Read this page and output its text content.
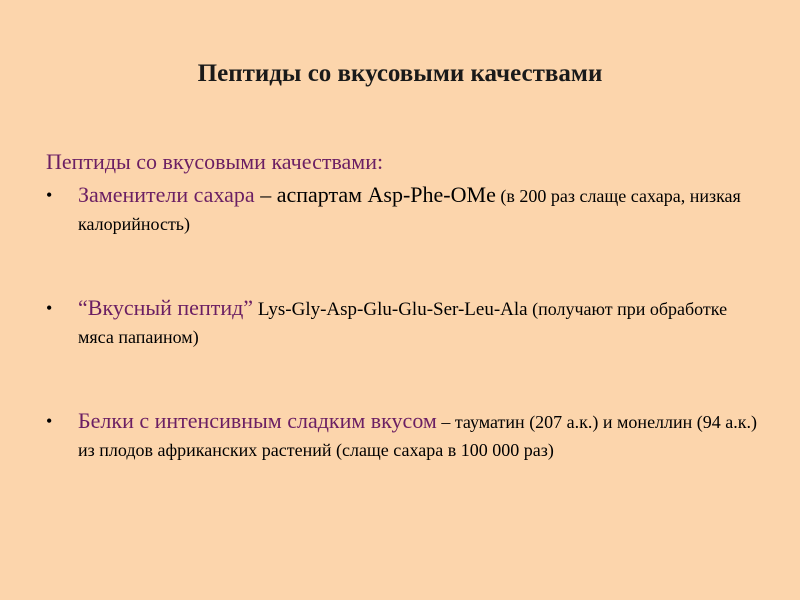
Пептиды со вкусовыми качествами
Пептиды со вкусовыми качествами:
• Заменители сахара – аспартам Asp-Phe-OMe (в 200 раз слаще сахара, низкая калорийность)
• “Вкусный пептид” Lys-Gly-Asp-Glu-Glu-Ser-Leu-Ala (получают при обработке мяса папаином)
• Белки с интенсивным сладким вкусом – тауматин (207 а.к.) и монеллин (94 а.к.) из плодов африканских растений (слаще сахара в 100 000 раз)
